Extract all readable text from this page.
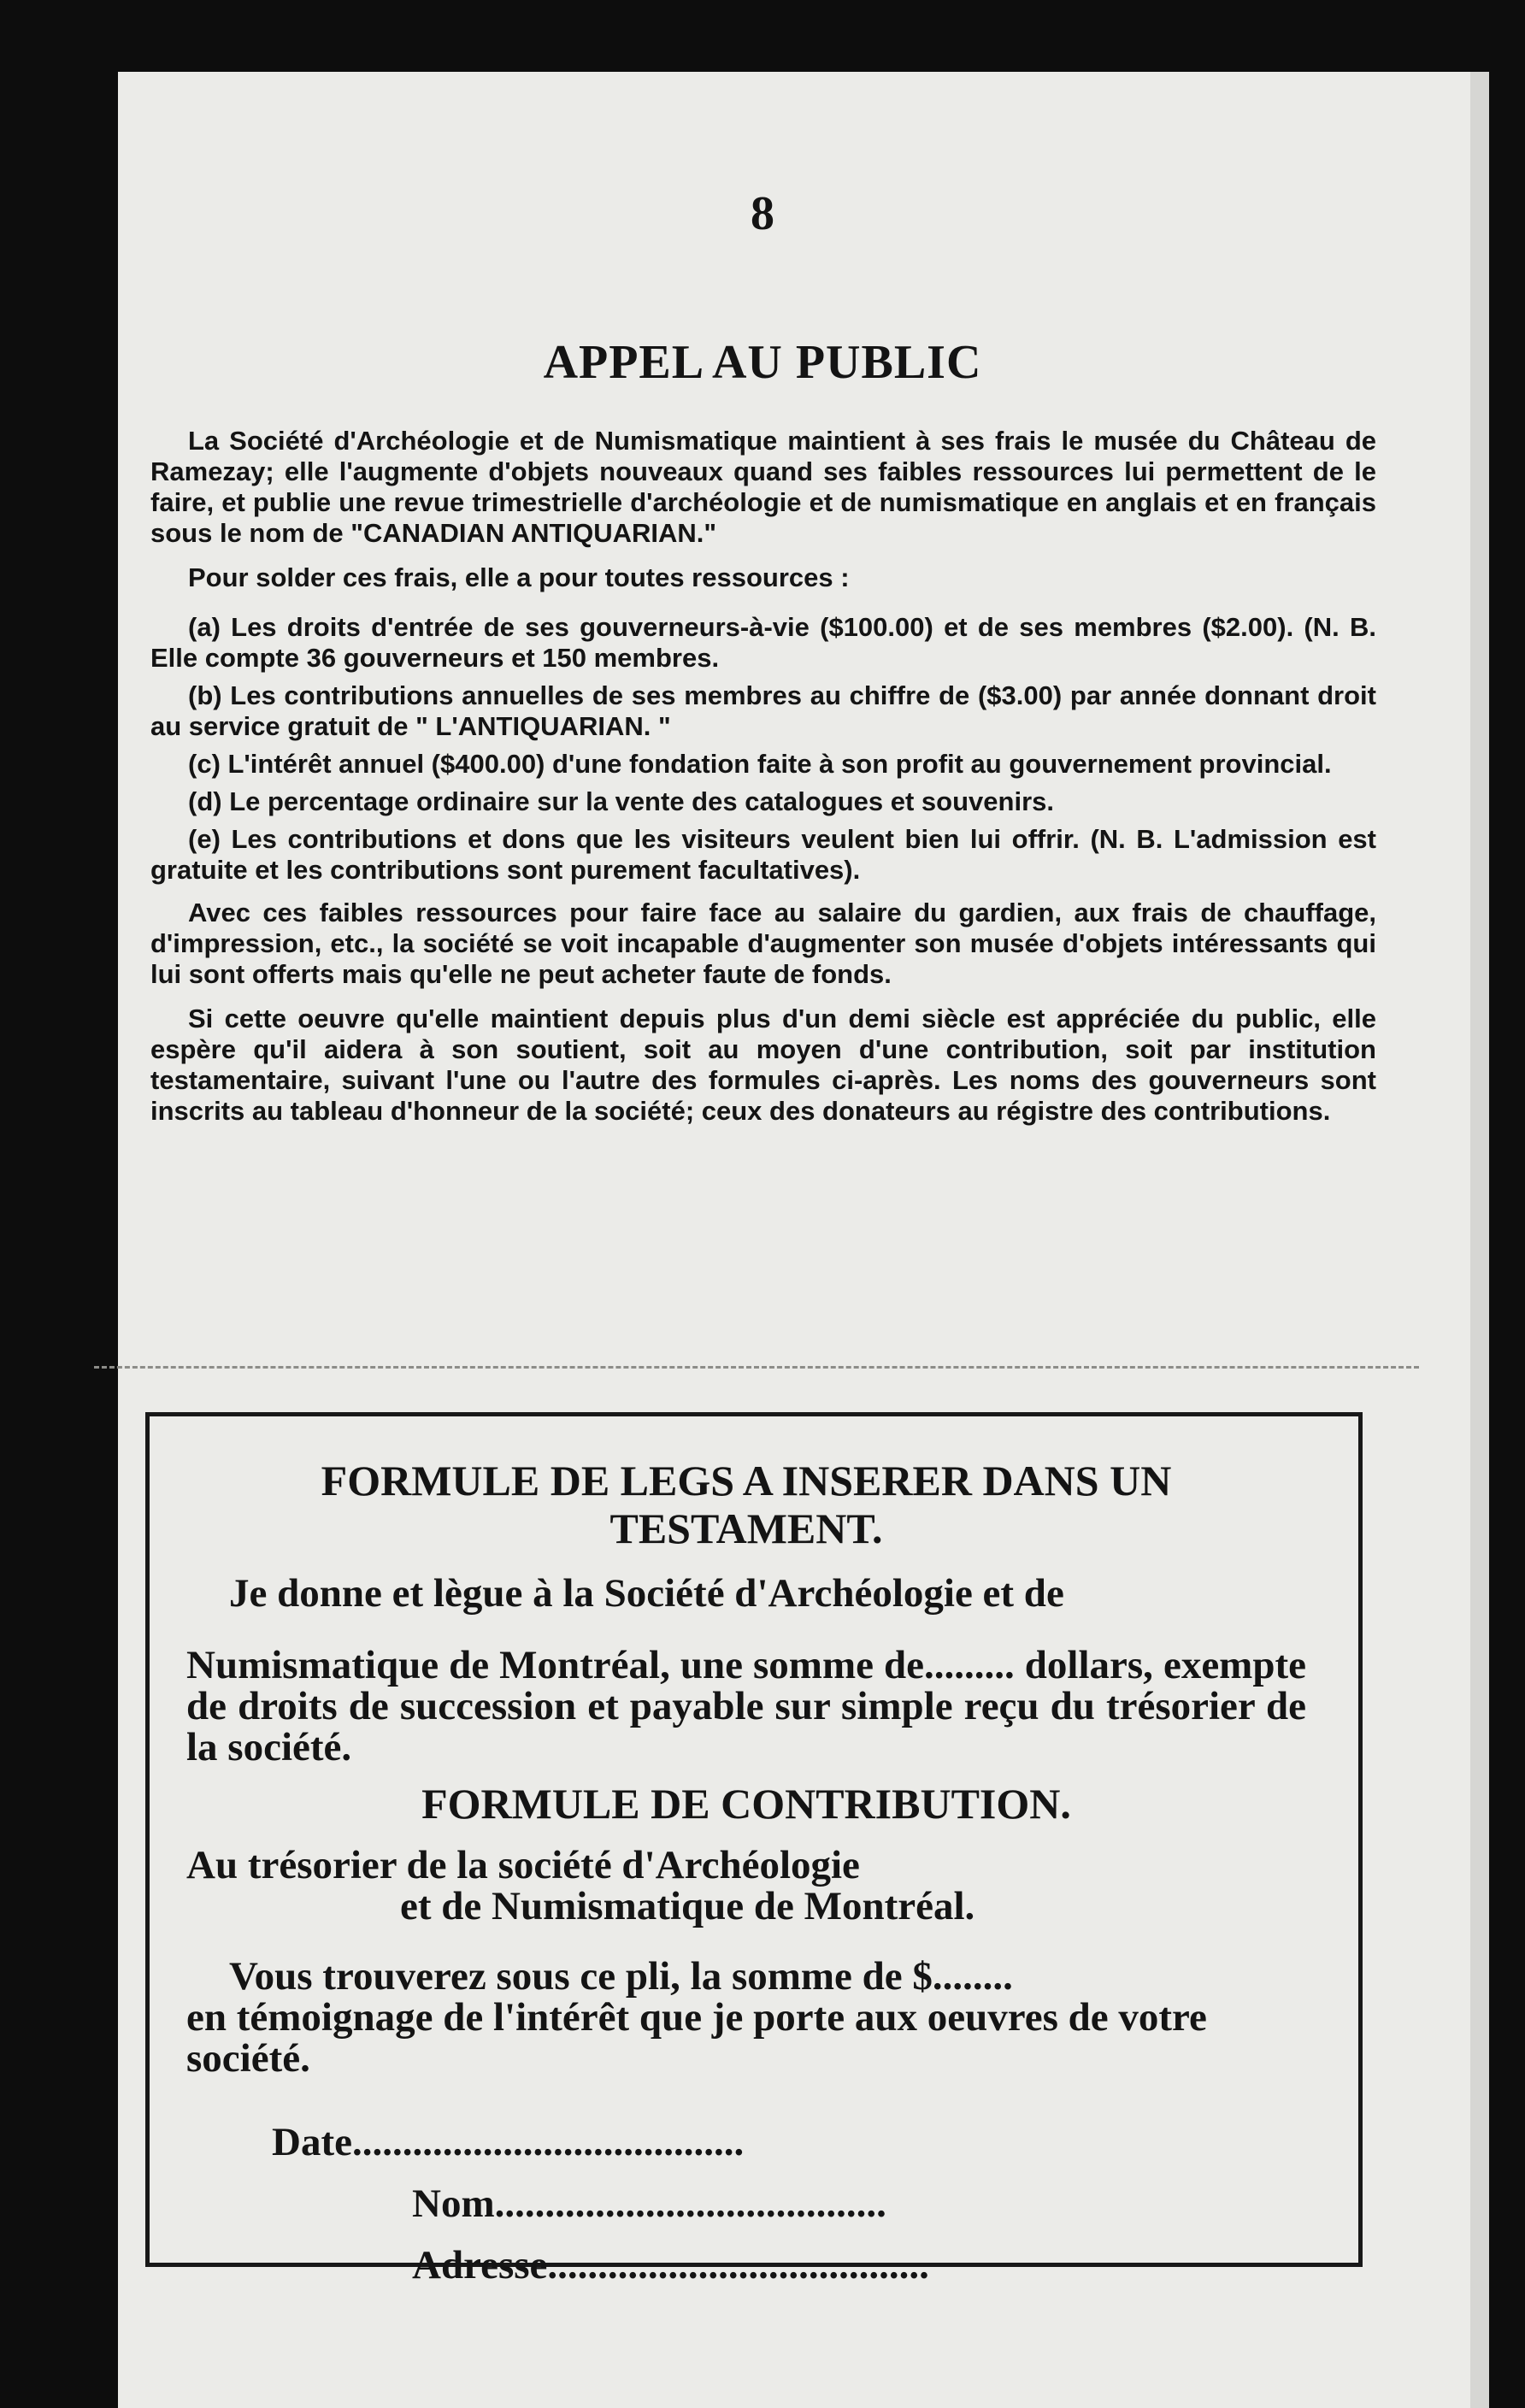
8
APPEL AU PUBLIC

La Société d'Archéologie et de Numismatique maintient à ses frais le musée du Château de Ramezay; elle l'augmente d'objets nouveaux quand ses faibles ressources lui permettent de le faire, et publie une revue trimestrielle d'archéologie et de numismatique en anglais et en français sous le nom de "CANADIAN ANTIQUARIAN."

Pour solder ces frais, elle a pour toutes ressources :

(a) Les droits d'entrée de ses gouverneurs-à-vie ($100.00) et de ses membres ($2.00). (N. B. Elle compte 36 gouverneurs et 150 membres.

(b) Les contributions annuelles de ses membres au chiffre de ($3.00) par année donnant droit au service gratuit de " L'ANTIQUARIAN. "

(c) L'intérêt annuel ($400.00) d'une fondation faite à son profit au gouvernement provincial.

(d) Le percentage ordinaire sur la vente des catalogues et souvenirs.

(e) Les contributions et dons que les visiteurs veulent bien lui offrir. (N. B. L'admission est gratuite et les contributions sont purement facultatives).

Avec ces faibles ressources pour faire face au salaire du gardien, aux frais de chauffage, d'impression, etc., la société se voit incapable d'augmenter son musée d'objets intéressants qui lui sont offerts mais qu'elle ne peut acheter faute de fonds.

Si cette oeuvre qu'elle maintient depuis plus d'un demi siècle est appréciée du public, elle espère qu'il aidera à son soutient, soit au moyen d'une contribution, soit par institution testamentaire, suivant l'une ou l'autre des formules ci-après. Les noms des gouverneurs sont inscrits au tableau d'honneur de la société; ceux des donateurs au régistre des contributions.

FORMULE DE LEGS A INSERER DANS UN TESTAMENT.
Je donne et lègue à la Société d'Archéologie et de
Numismatique de Montréal, une somme de......... dollars, exempte de droits de succession et payable sur simple reçu du trésorier de la société.
FORMULE DE CONTRIBUTION.
Au trésorier de la société d'Archéologie
et de Numismatique de Montréal.
Vous trouverez sous ce pli, la somme de $........
en témoignage de l'intérêt que je porte aux oeuvres de votre société.
Date.......................................
Nom.......................................
Adresse......................................
